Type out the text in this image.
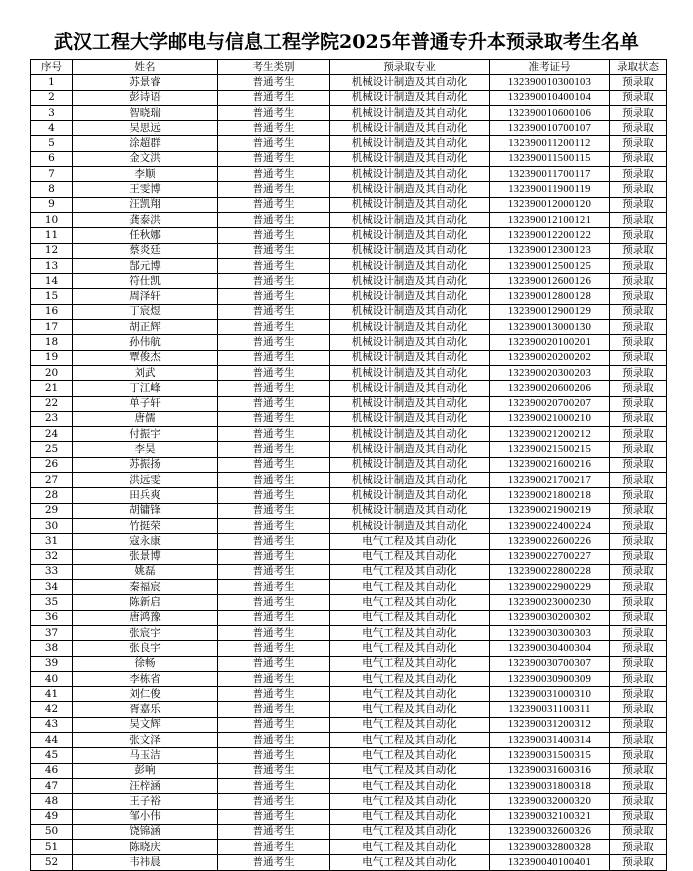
武汉工程大学邮电与信息工程学院2025年普通专升本预录取考生名单
序号	姓名	考生类别	预录取专业	准考证号	录取状态
1	苏景睿	普通考生	机械设计制造及其自动化	132390010300103	预录取
2	彭诗语	普通考生	机械设计制造及其自动化	132390010400104	预录取
3	智晓瑞	普通考生	机械设计制造及其自动化	132390010600106	预录取
4	吴思远	普通考生	机械设计制造及其自动化	132390010700107	预录取
5	涂超群	普通考生	机械设计制造及其自动化	132390011200112	预录取
6	金文洪	普通考生	机械设计制造及其自动化	132390011500115	预录取
7	李顺	普通考生	机械设计制造及其自动化	132390011700117	预录取
8	王雯博	普通考生	机械设计制造及其自动化	132390011900119	预录取
9	汪凯翔	普通考生	机械设计制造及其自动化	132390012000120	预录取
10	龚泰洪	普通考生	机械设计制造及其自动化	132390012100121	预录取
11	任秋娜	普通考生	机械设计制造及其自动化	132390012200122	预录取
12	蔡炎廷	普通考生	机械设计制造及其自动化	132390012300123	预录取
13	郜元博	普通考生	机械设计制造及其自动化	132390012500125	预录取
14	符仕凯	普通考生	机械设计制造及其自动化	132390012600126	预录取
15	周泽轩	普通考生	机械设计制造及其自动化	132390012800128	预录取
16	丁宸煜	普通考生	机械设计制造及其自动化	132390012900129	预录取
17	胡正辉	普通考生	机械设计制造及其自动化	132390013000130	预录取
18	孙伟航	普通考生	机械设计制造及其自动化	132390020100201	预录取
19	覃俊杰	普通考生	机械设计制造及其自动化	132390020200202	预录取
20	刘武	普通考生	机械设计制造及其自动化	132390020300203	预录取
21	丁江峰	普通考生	机械设计制造及其自动化	132390020600206	预录取
22	单子轩	普通考生	机械设计制造及其自动化	132390020700207	预录取
23	唐儒	普通考生	机械设计制造及其自动化	132390021000210	预录取
24	付振宇	普通考生	机械设计制造及其自动化	132390021200212	预录取
25	李昊	普通考生	机械设计制造及其自动化	132390021500215	预录取
26	苏振扬	普通考生	机械设计制造及其自动化	132390021600216	预录取
27	洪远雯	普通考生	机械设计制造及其自动化	132390021700217	预录取
28	田兵爽	普通考生	机械设计制造及其自动化	132390021800218	预录取
29	胡镛锋	普通考生	机械设计制造及其自动化	132390021900219	预录取
30	竹挺荣	普通考生	机械设计制造及其自动化	132390022400224	预录取
31	寇永康	普通考生	电气工程及其自动化	132390022600226	预录取
32	张景博	普通考生	电气工程及其自动化	132390022700227	预录取
33	姚磊	普通考生	电气工程及其自动化	132390022800228	预录取
34	秦福宸	普通考生	电气工程及其自动化	132390022900229	预录取
35	陈新启	普通考生	电气工程及其自动化	132390023000230	预录取
36	唐鸿豫	普通考生	电气工程及其自动化	132390030200302	预录取
37	张宸宇	普通考生	电气工程及其自动化	132390030300303	预录取
38	张良宇	普通考生	电气工程及其自动化	132390030400304	预录取
39	徐畅	普通考生	电气工程及其自动化	132390030700307	预录取
40	李栋省	普通考生	电气工程及其自动化	132390030900309	预录取
41	刘仁俊	普通考生	电气工程及其自动化	132390031000310	预录取
42	胥嘉乐	普通考生	电气工程及其自动化	132390031100311	预录取
43	吴文辉	普通考生	电气工程及其自动化	132390031200312	预录取
44	张文泽	普通考生	电气工程及其自动化	132390031400314	预录取
45	马玉洁	普通考生	电气工程及其自动化	132390031500315	预录取
46	彭响	普通考生	电气工程及其自动化	132390031600316	预录取
47	汪梓涵	普通考生	电气工程及其自动化	132390031800318	预录取
48	王子裕	普通考生	电气工程及其自动化	132390032000320	预录取
49	邹小伟	普通考生	电气工程及其自动化	132390032100321	预录取
50	饶锦涵	普通考生	电气工程及其自动化	132390032600326	预录取
51	陈晓庆	普通考生	电气工程及其自动化	132390032800328	预录取
52	韦祎晨	普通考生	电气工程及其自动化	132390040100401	预录取
